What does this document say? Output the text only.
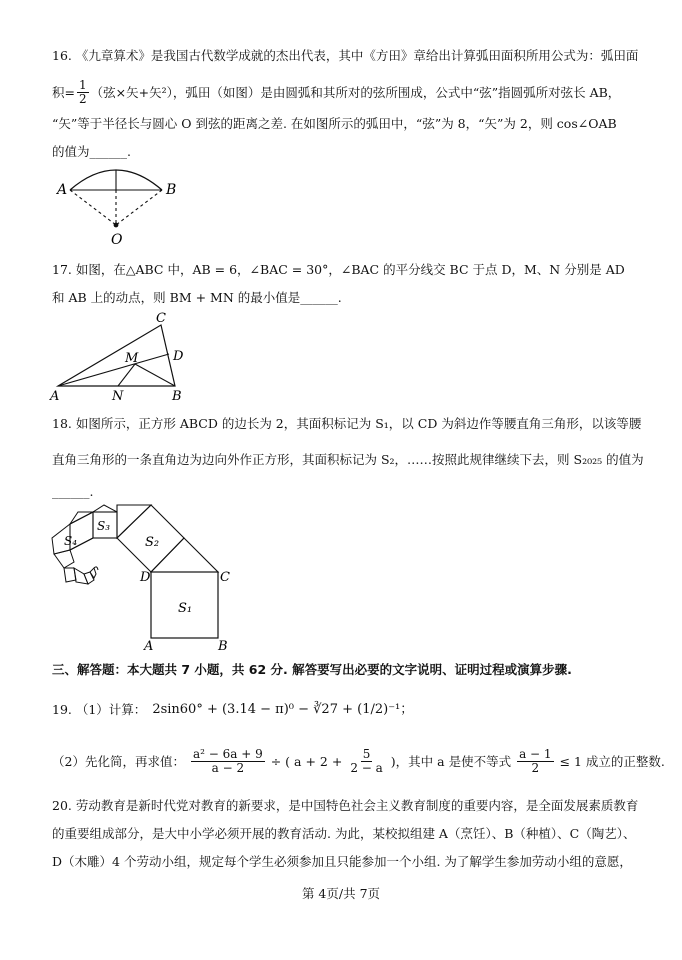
16. 《九章算术》是我国古代数学成就的杰出代表，其中《方田》章给出计算弧田面积所用公式为：弧田面
积= $\frac{1}{2}$ （弦×矢+矢²），弧田（如图）是由圆弧和其所对的弦所围成，公式中“弦”指圆弧所对弦长 AB，
“矢”等于半径长与圆心 O 到弦的距离之差. 在如图所示的弧田中，“弦”为 8，“矢”为 2，则 cos∠OAB
的值为______.
A	B
O
17. 如图，在△ABC 中，AB = 6，∠BAC = 30°，∠BAC 的平分线交 BC 于点 D，M、N 分别是 AD
和 AB 上的动点，则 BM + MN 的最小值是______.
A	B
C
D
M
N
18. 如图所示，正方形 ABCD 的边长为 2，其面积标记为 S₁，以 CD 为斜边作等腰直角三角形，以该等腰
直角三角形的一条直角边为边向外作正方形，其面积标记为 S₂，……按照此规律继续下去，则 S₂₀₂₅ 的值为
______.
S₁
S₂
S₃
S₄
A	B
C
D
三、解答题：本大题共 7 小题，共 62 分. 解答要写出必要的文字说明、证明过程或演算步骤.
19. （1）计算： 2sin60° + (3.14 − π)⁰ − ∛27 + (1/2)⁻¹；
（2）先化简，再求值： $\frac{\text{a² − 6a + 9}}{a - 2}$ ÷ ( $a + 2 + \frac{5}{2 - a}$ )，其中 a 是使不等式 $\frac{a - 1}{2} \le 1$ 成立的正整数.
20. 劳动教育是新时代党对教育的新要求，是中国特色社会主义教育制度的重要内容，是全面发展素质教育
的重要组成部分，是大中小学必须开展的教育活动. 为此，某校拟组建 A（烹饪）、B（种植）、C（陶艺）、
D（木雕）4 个劳动小组，规定每个学生必须参加且只能参加一个小组. 为了解学生参加劳动小组的意愿，
第 4页/共 7页
